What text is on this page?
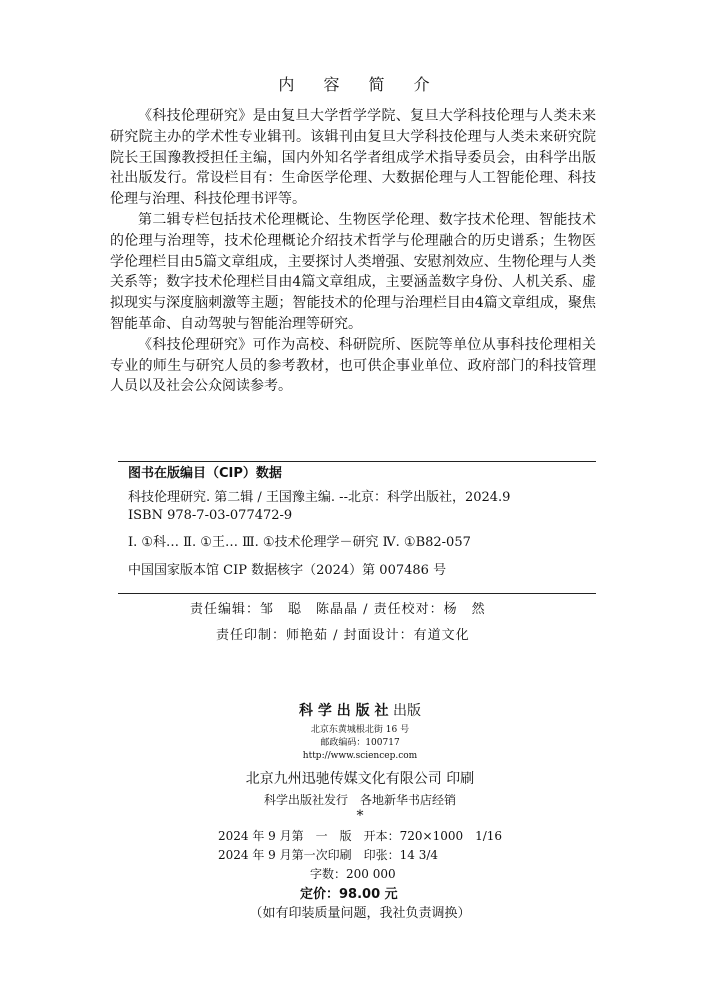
内 容 简 介

《科技伦理研究》是由复旦大学哲学学院、复旦大学科技伦理与人类未来研究院主办的学术性专业辑刊。该辑刊由复旦大学科技伦理与人类未来研究院院长王国豫教授担任主编，国内外知名学者组成学术指导委员会，由科学出版社出版发行。常设栏目有：生命医学伦理、大数据伦理与人工智能伦理、科技伦理与治理、科技伦理书评等。

第二辑专栏包括技术伦理概论、生物医学伦理、数字技术伦理、智能技术的伦理与治理等，技术伦理概论介绍技术哲学与伦理融合的历史谱系；生物医学伦理栏目由5篇文章组成，主要探讨人类增强、安慰剂效应、生物伦理与人类关系等；数字技术伦理栏目由4篇文章组成，主要涵盖数字身份、人机关系、虚拟现实与深度脑刺激等主题；智能技术的伦理与治理栏目由4篇文章组成，聚焦智能革命、自动驾驶与智能治理等研究。

《科技伦理研究》可作为高校、科研院所、医院等单位从事科技伦理相关专业的师生与研究人员的参考教材，也可供企事业单位、政府部门的科技管理人员以及社会公众阅读参考。

图书在版编目（CIP）数据
科技伦理研究. 第二辑 / 王国豫主编. --北京：科学出版社，2024.9
ISBN 978-7-03-077472-9
Ⅰ. ①科… Ⅱ. ①王… Ⅲ. ①技术伦理学－研究 Ⅳ. ①B82-057
中国国家版本馆 CIP 数据核字（2024）第 007486 号
责任编辑：邹　聪　陈晶晶 / 责任校对：杨　然
责任印制：师艳茹 / 封面设计：有道文化
科 学 出 版 社 出版
北京东黄城根北街 16 号
邮政编码：100717
http://www.sciencep.com
北京九州迅驰传媒文化有限公司 印刷
科学出版社发行　各地新华书店经销
*
2024 年 9 月第　一　版　开本：720×1000　1/16
2024 年 9 月第一次印刷　印张：14 3/4
字数：200 000
定价：98.00 元
（如有印装质量问题，我社负责调换）
